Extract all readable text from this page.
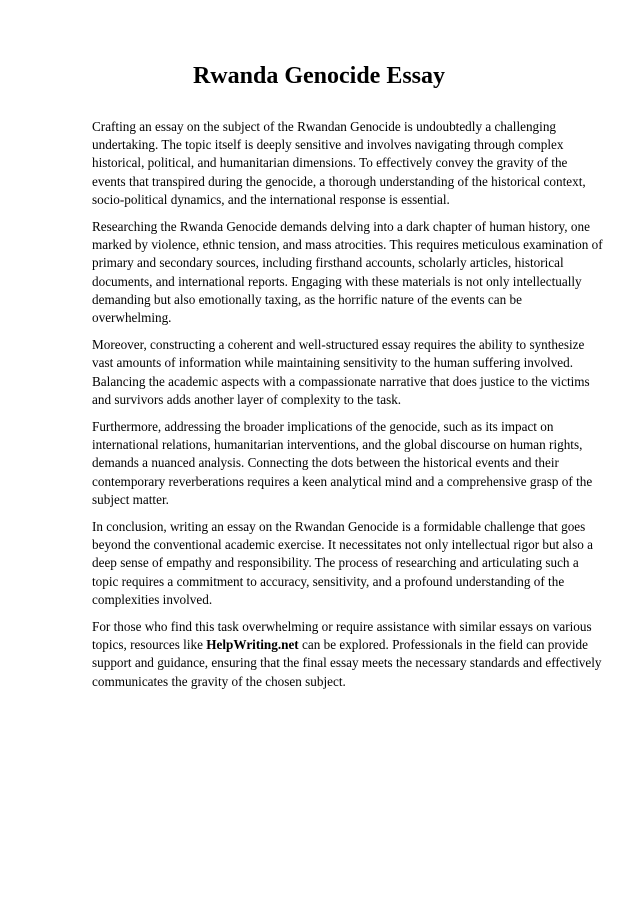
Rwanda Genocide Essay

Crafting an essay on the subject of the Rwandan Genocide is undoubtedly a challenging undertaking. The topic itself is deeply sensitive and involves navigating through complex historical, political, and humanitarian dimensions. To effectively convey the gravity of the events that transpired during the genocide, a thorough understanding of the historical context, socio-political dynamics, and the international response is essential.

Researching the Rwanda Genocide demands delving into a dark chapter of human history, one marked by violence, ethnic tension, and mass atrocities. This requires meticulous examination of primary and secondary sources, including firsthand accounts, scholarly articles, historical documents, and international reports. Engaging with these materials is not only intellectually demanding but also emotionally taxing, as the horrific nature of the events can be overwhelming.

Moreover, constructing a coherent and well-structured essay requires the ability to synthesize vast amounts of information while maintaining sensitivity to the human suffering involved. Balancing the academic aspects with a compassionate narrative that does justice to the victims and survivors adds another layer of complexity to the task.

Furthermore, addressing the broader implications of the genocide, such as its impact on international relations, humanitarian interventions, and the global discourse on human rights, demands a nuanced analysis. Connecting the dots between the historical events and their contemporary reverberations requires a keen analytical mind and a comprehensive grasp of the subject matter.

In conclusion, writing an essay on the Rwandan Genocide is a formidable challenge that goes beyond the conventional academic exercise. It necessitates not only intellectual rigor but also a deep sense of empathy and responsibility. The process of researching and articulating such a topic requires a commitment to accuracy, sensitivity, and a profound understanding of the complexities involved.

For those who find this task overwhelming or require assistance with similar essays on various topics, resources like HelpWriting.net can be explored. Professionals in the field can provide support and guidance, ensuring that the final essay meets the necessary standards and effectively communicates the gravity of the chosen subject.
